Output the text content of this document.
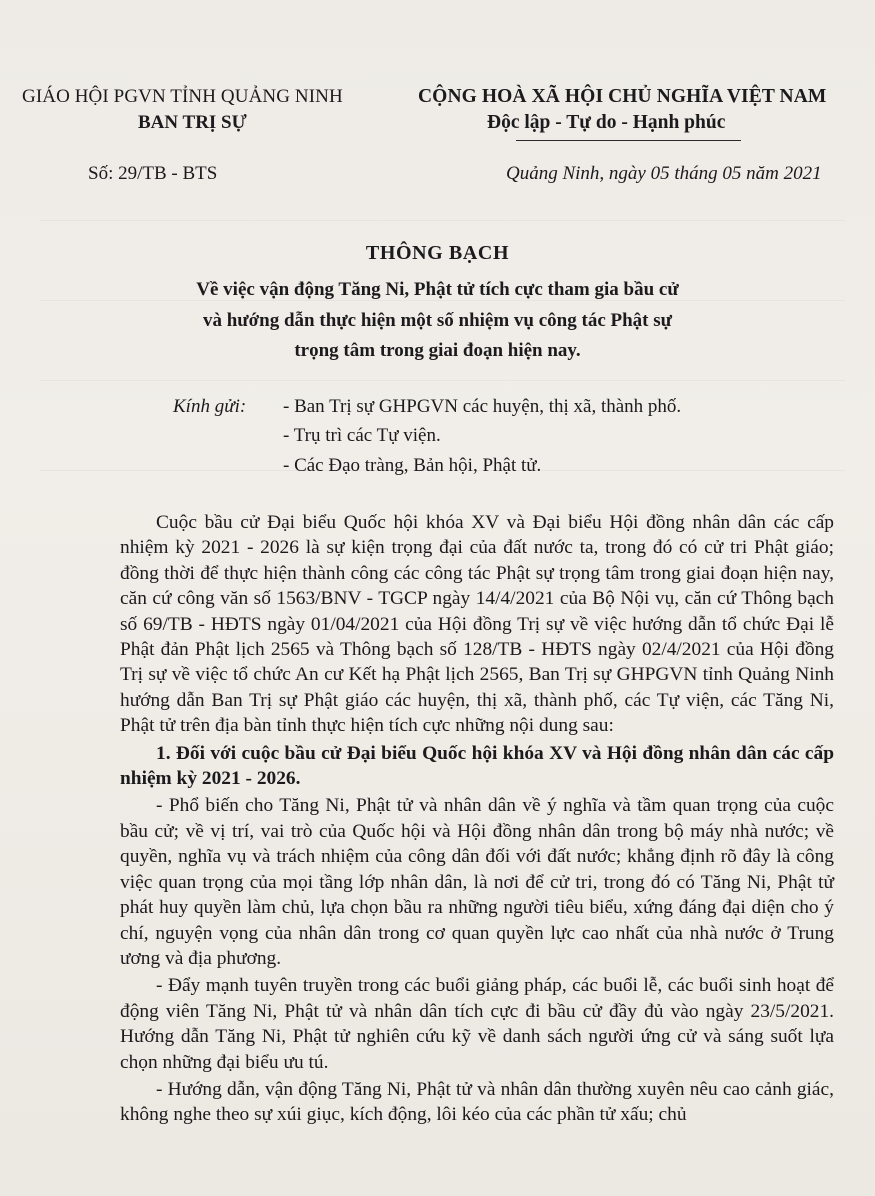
GIÁO HỘI PGVN TỈNH QUẢNG NINH
BAN TRỊ SỰ
CỘNG HOÀ XÃ HỘI CHỦ NGHĨA VIỆT NAM
Độc lập - Tự do - Hạnh phúc
Số: 29/TB - BTS	Quảng Ninh, ngày 05 tháng 05 năm 2021
THÔNG BẠCH
Về việc vận động Tăng Ni, Phật tử tích cực tham gia bầu cử
và hướng dẫn thực hiện một số nhiệm vụ công tác Phật sự
trọng tâm trong giai đoạn hiện nay.
Kính gửi: - Ban Trị sự GHPGVN các huyện, thị xã, thành phố.
- Trụ trì các Tự viện.
- Các Đạo tràng, Bản hội, Phật tử.

Cuộc bầu cử Đại biểu Quốc hội khóa XV và Đại biểu Hội đồng nhân dân các cấp nhiệm kỳ 2021 - 2026 là sự kiện trọng đại của đất nước ta, trong đó có cử tri Phật giáo; đồng thời để thực hiện thành công các công tác Phật sự trọng tâm trong giai đoạn hiện nay, căn cứ công văn số 1563/BNV - TGCP ngày 14/4/2021 của Bộ Nội vụ, căn cứ Thông bạch số 69/TB - HĐTS ngày 01/04/2021 của Hội đồng Trị sự về việc hướng dẫn tổ chức Đại lễ Phật đản Phật lịch 2565 và Thông bạch số 128/TB - HĐTS ngày 02/4/2021 của Hội đồng Trị sự về việc tổ chức An cư Kết hạ Phật lịch 2565, Ban Trị sự GHPGVN tỉnh Quảng Ninh hướng dẫn Ban Trị sự Phật giáo các huyện, thị xã, thành phố, các Tự viện, các Tăng Ni, Phật tử trên địa bàn tỉnh thực hiện tích cực những nội dung sau:

1. Đối với cuộc bầu cử Đại biểu Quốc hội khóa XV và Hội đồng nhân dân các cấp nhiệm kỳ 2021 - 2026.

- Phổ biến cho Tăng Ni, Phật tử và nhân dân về ý nghĩa và tầm quan trọng của cuộc bầu cử; về vị trí, vai trò của Quốc hội và Hội đồng nhân dân trong bộ máy nhà nước; về quyền, nghĩa vụ và trách nhiệm của công dân đối với đất nước; khẳng định rõ đây là công việc quan trọng của mọi tầng lớp nhân dân, là nơi để cử tri, trong đó có Tăng Ni, Phật tử phát huy quyền làm chủ, lựa chọn bầu ra những người tiêu biểu, xứng đáng đại diện cho ý chí, nguyện vọng của nhân dân trong cơ quan quyền lực cao nhất của nhà nước ở Trung ương và địa phương.

- Đẩy mạnh tuyên truyền trong các buổi giảng pháp, các buổi lễ, các buổi sinh hoạt để động viên Tăng Ni, Phật tử và nhân dân tích cực đi bầu cử đầy đủ vào ngày 23/5/2021. Hướng dẫn Tăng Ni, Phật tử nghiên cứu kỹ về danh sách người ứng cử và sáng suốt lựa chọn những đại biểu ưu tú.

- Hướng dẫn, vận động Tăng Ni, Phật tử và nhân dân thường xuyên nêu cao cảnh giác, không nghe theo sự xúi giục, kích động, lôi kéo của các phần tử xấu; chủ
